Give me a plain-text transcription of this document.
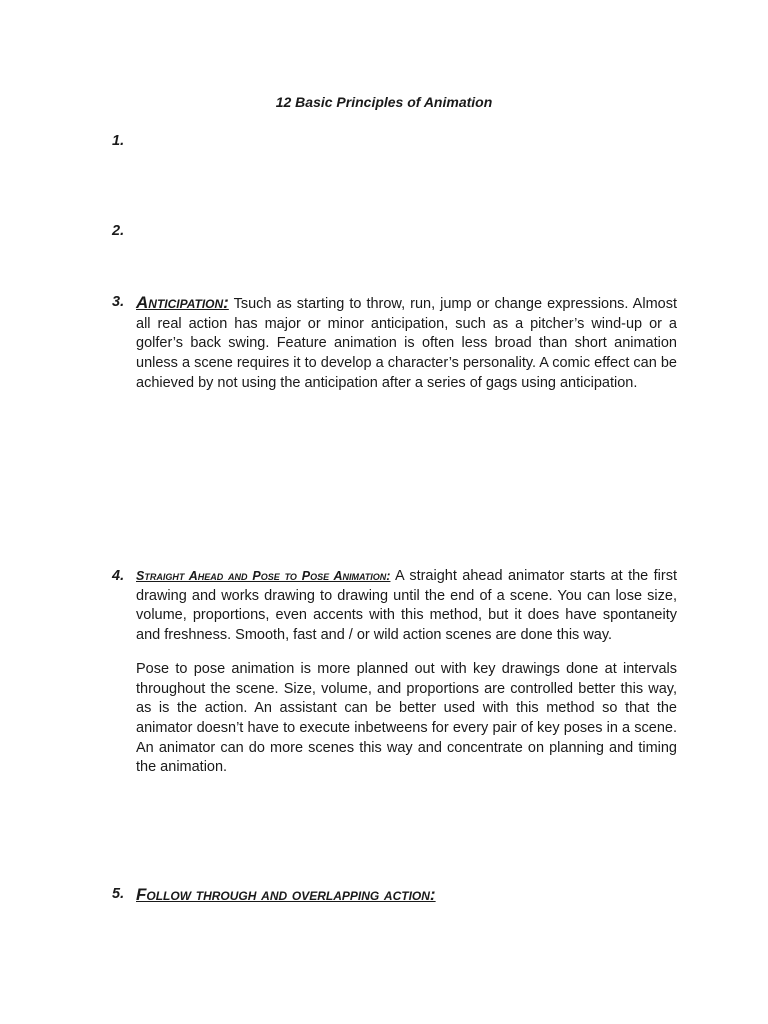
12 Basic Principles of Animation
1.
2.
3. Anticipation: Tsuch as starting to throw, run, jump or change expressions. Almost all real action has major or minor anticipation, such as a pitcher’s wind-up or a golfer’s back swing. Feature animation is often less broad than short animation unless a scene requires it to develop a character’s personality. A comic effect can be achieved by not using the anticipation after a series of gags using anticipation.

4. Straight Ahead and Pose to Pose Animation: A straight ahead animator starts at the first drawing and works drawing to drawing until the end of a scene. You can lose size, volume, proportions, even accents with this method, but it does have spontaneity and freshness. Smooth, fast and / or wild action scenes are done this way.

Pose to pose animation is more planned out with key drawings done at intervals throughout the scene. Size, volume, and proportions are controlled better this way, as is the action. An assistant can be better used with this method so that the animator doesn’t have to execute inbetweens for every pair of key poses in a scene. An animator can do more scenes this way and concentrate on planning and timing the animation.

5. Follow through and overlapping action:
